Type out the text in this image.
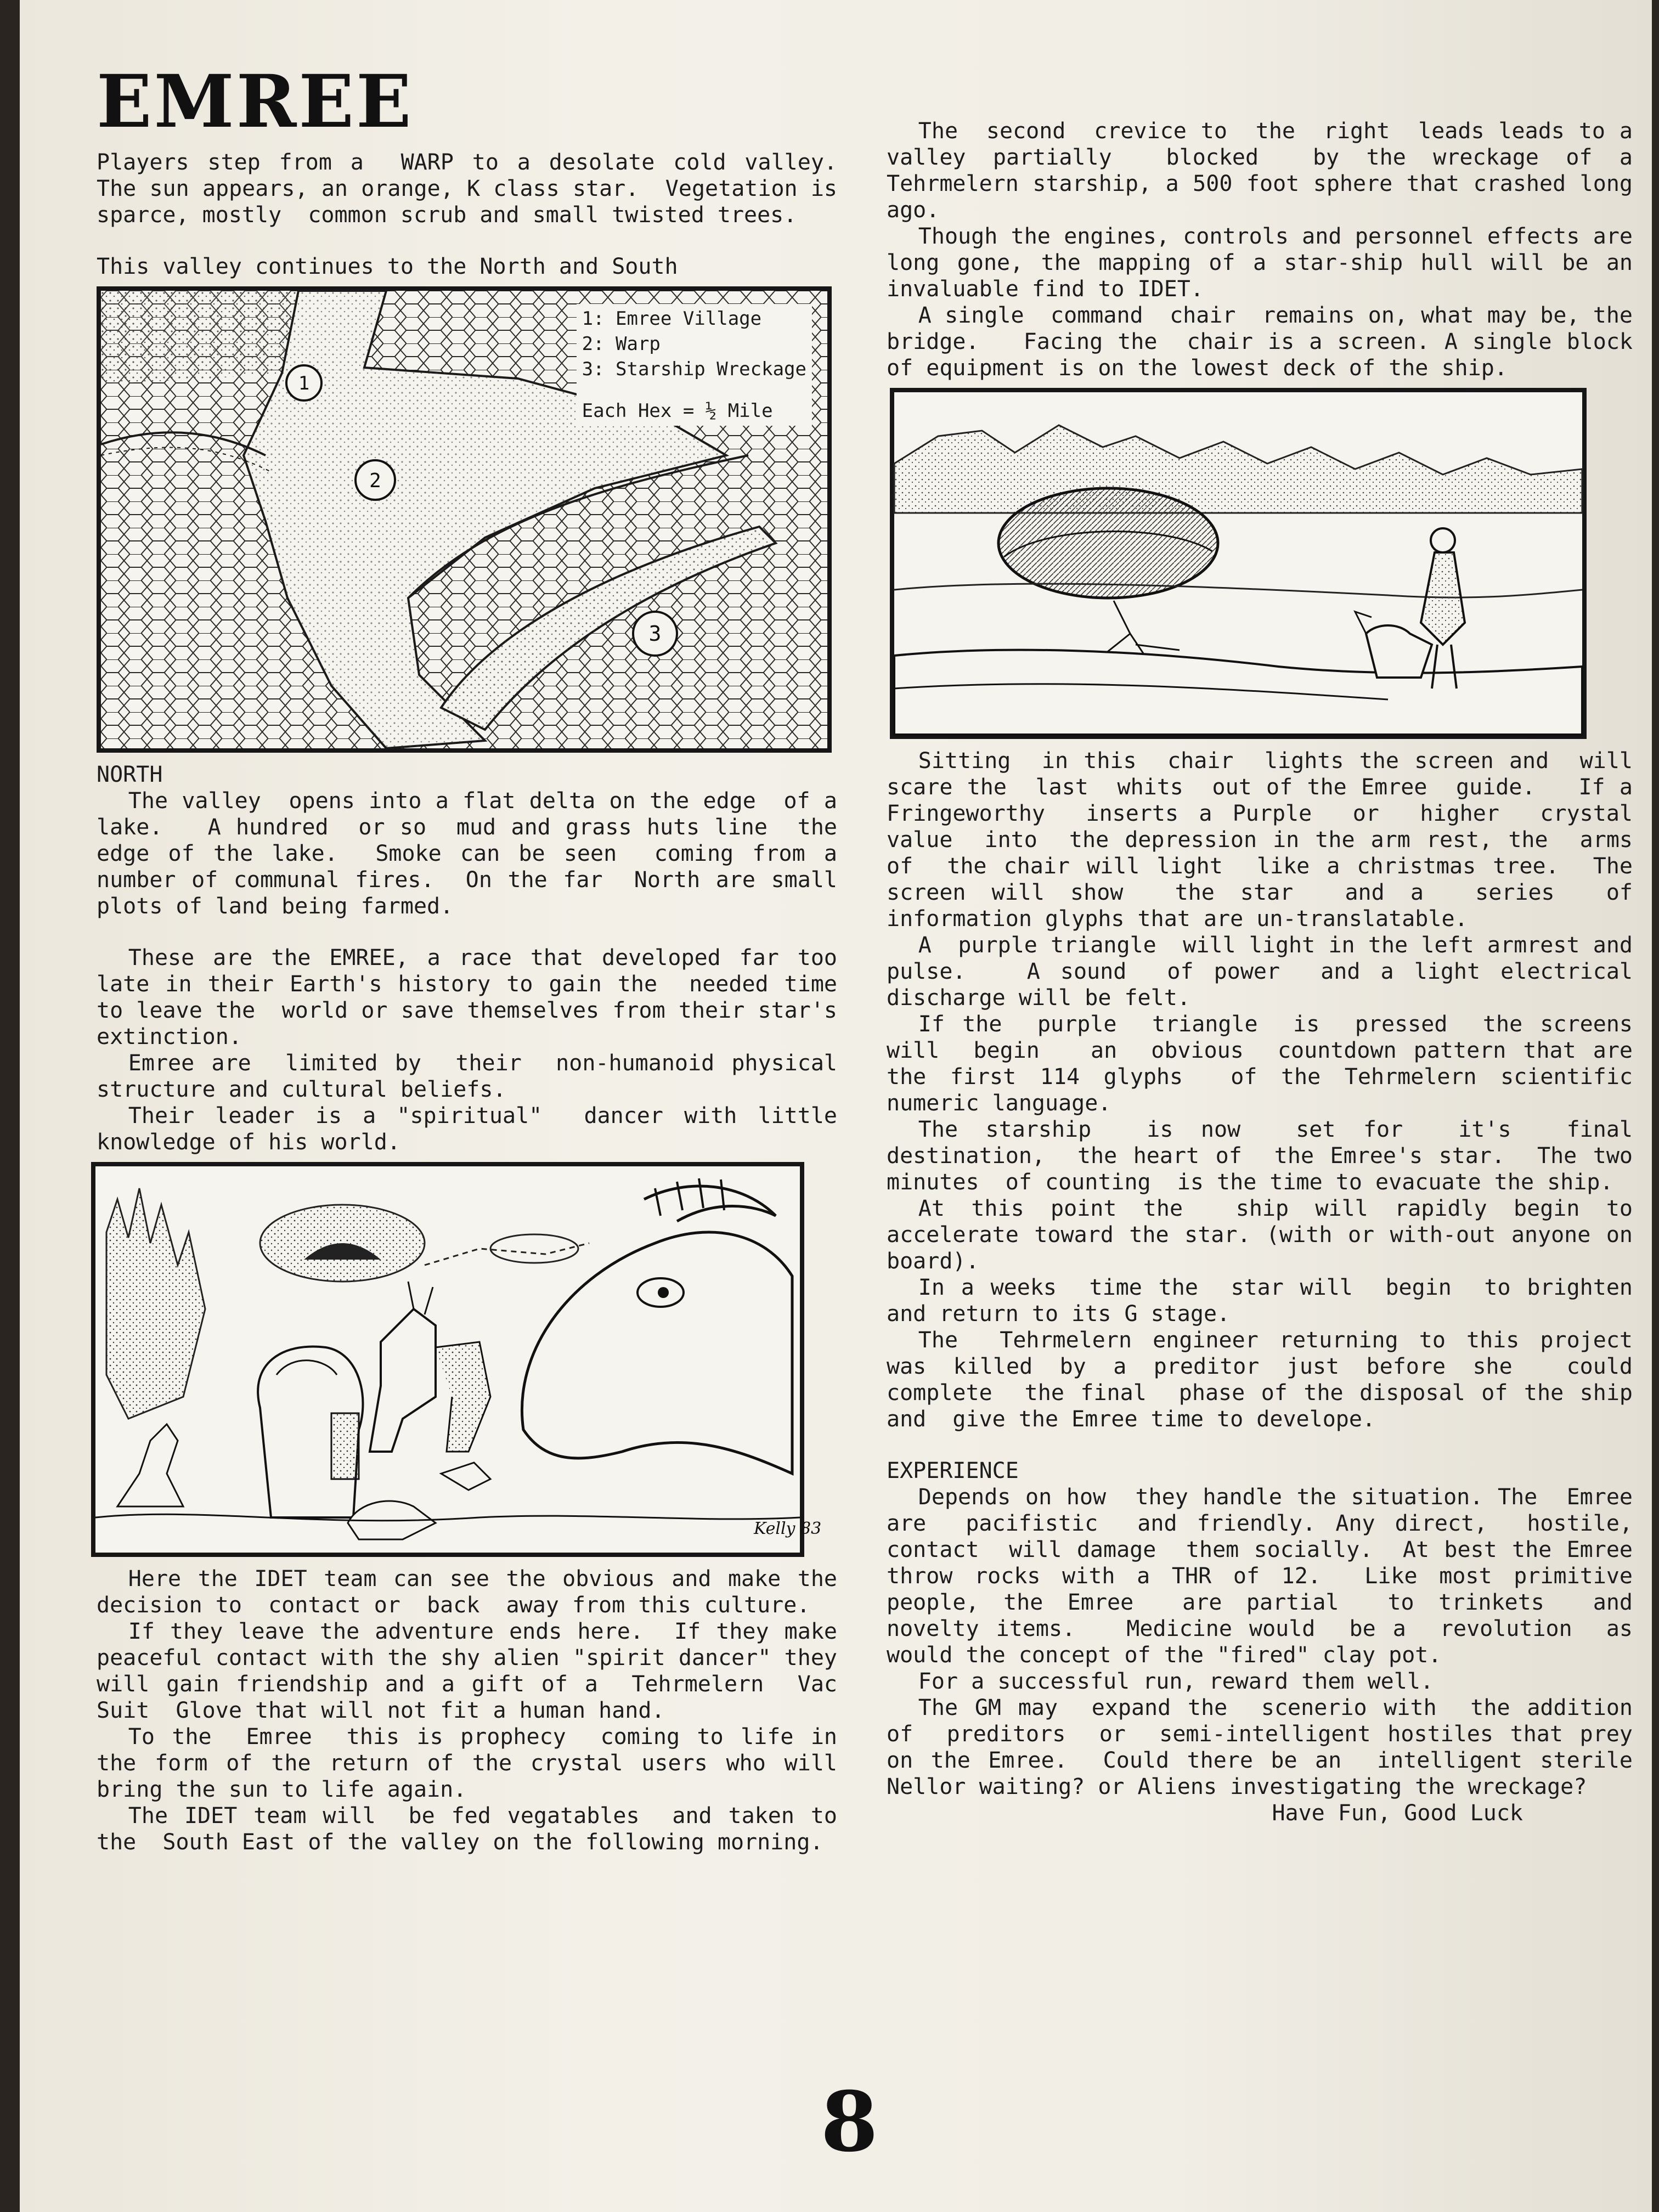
EMREE

Players step from a  WARP to a desolate cold valley.  The sun appears, an orange, K class star.  Vegetation is  sparce, mostly  common scrub and small twisted trees.

This valley continues to the North and South

1
2
3
1: Emree Village
2: Warp
3: Starship Wreckage
Each Hex = ½ Mile

NORTH

The valley  opens into a flat delta on the edge  of a  lake.   A hundred  or so  mud and grass huts line  the edge of the lake.  Smoke can be seen  coming from a number of communal fires.  On the far  North are small  plots of land being farmed.

These are the EMREE, a race that developed far too late in their Earth's history to gain the  needed time  to leave the  world or save themselves from their star's extinction.

Emree are  limited by  their  non-humanoid physical structure and cultural beliefs.

Their leader is a "spiritual"  dancer with little knowledge of his world.

Kelly 83

Here the IDET team can see the obvious and make the  decision to  contact or  back  away from this culture.

If they leave the adventure ends here.  If they make peaceful contact with the shy alien "spirit dancer" they will gain friendship and a gift of a  Tehrmelern  Vac Suit  Glove that will not fit a human hand.

To the  Emree  this is prophecy  coming to life in the form of the return of the crystal users who will bring the sun to life again.

The IDET team will  be fed vegatables  and taken to the  South East of the valley on the following morning.

The  second  crevice to  the  right  leads leads to a  valley partially  blocked  by the wreckage of a Tehrmelern starship, a 500 foot sphere that crashed long ago.

Though the engines, controls and personnel effects are long gone, the mapping of a star-ship hull will be an invaluable find to IDET.

A single  command  chair  remains on, what may be, the  bridge.   Facing the  chair is a screen. A single block of equipment is on the lowest deck of the ship.

Sitting  in this  chair  lights the screen and  will  scare the  last  whits  out of the Emree  guide.   If a  Fringeworthy  inserts a Purple  or  higher  crystal  value  into  the depression in the arm rest, the  arms of  the chair will light  like a christmas tree.  The screen will show  the star  and a  series  of information glyphs that are un-translatable.

A  purple triangle  will light in the left armrest and pulse.   A sound  of power  and a light electrical discharge will be felt.

If the  purple  triangle  is  pressed  the screens  will  begin   an  obvious  countdown pattern that are the first 114 glyphs  of the Tehrmelern scientific numeric language.

The starship  is now  set for  it's  final destination,  the heart of  the Emree's star.  The two  minutes  of counting  is the time to evacuate the ship.

At this point the  ship will rapidly begin to accelerate toward the star. (with or with-out anyone on board).

In a weeks  time the  star will  begin  to brighten and return to its G stage.

The  Tehrmelern engineer returning to this project  was killed by a preditor just before she  could  complete  the final  phase of the disposal of the ship and  give the Emree time to develope.

EXPERIENCE

Depends on how  they handle the situation. The  Emree are  pacifistic  and friendly. Any direct,  hostile,  contact  will damage  them socially.  At best the Emree throw rocks with a THR of 12.  Like most primitive people, the Emree  are partial  to trinkets  and  novelty items.   Medicine would  be a  revolution  as would the concept of the "fired" clay pot.

For a successful run, reward them well.

The GM may  expand the  scenerio with  the addition  of  preditors  or  semi-intelligent hostiles that prey on the Emree.  Could there be an  intelligent sterile Nellor waiting? or Aliens investigating the wreckage?

Have Fun, Good Luck

8
